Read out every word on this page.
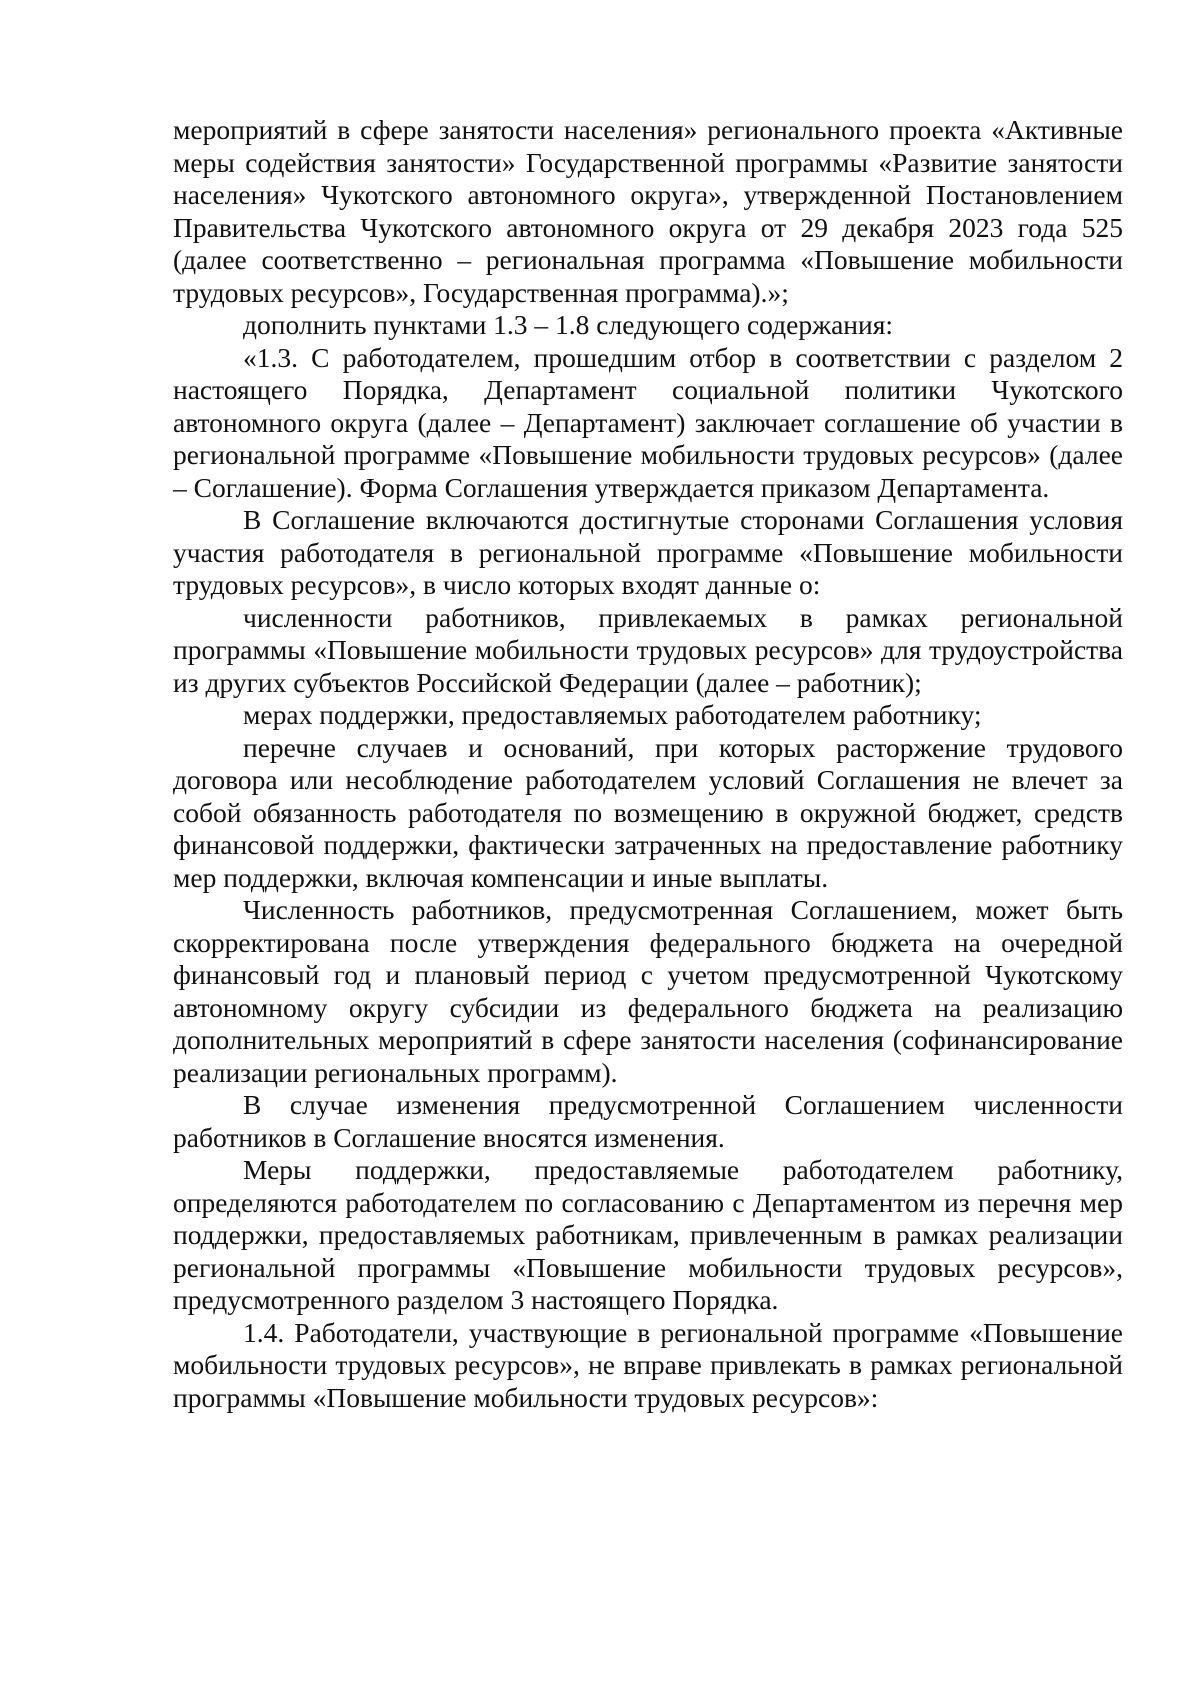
мероприятий в сфере занятости населения» регионального проекта «Активные меры содействия занятости» Государственной программы «Развитие занятости населения» Чукотского автономного округа», утвержденной Постановлением Правительства Чукотского автономного округа от 29 декабря 2023 года 525 (далее соответственно – региональная программа «Повышение мобильности трудовых ресурсов», Государственная программа).»;

дополнить пунктами 1.3 – 1.8 следующего содержания:

«1.3. С работодателем, прошедшим отбор в соответствии с разделом 2 настоящего Порядка, Департамент социальной политики Чукотского автономного округа (далее – Департамент) заключает соглашение об участии в региональной программе «Повышение мобильности трудовых ресурсов» (далее – Соглашение). Форма Соглашения утверждается приказом Департамента.

В Соглашение включаются достигнутые сторонами Соглашения условия участия работодателя в региональной программе «Повышение мобильности трудовых ресурсов», в число которых входят данные о:

численности работников, привлекаемых в рамках региональной программы «Повышение мобильности трудовых ресурсов» для трудоустройства из других субъектов Российской Федерации (далее – работник);

мерах поддержки, предоставляемых работодателем работнику;

перечне случаев и оснований, при которых расторжение трудового договора или несоблюдение работодателем условий Соглашения не влечет за собой обязанность работодателя по возмещению в окружной бюджет, средств финансовой поддержки, фактически затраченных на предоставление работнику мер поддержки, включая компенсации и иные выплаты.

Численность работников, предусмотренная Соглашением, может быть скорректирована после утверждения федерального бюджета на очередной финансовый год и плановый период с учетом предусмотренной Чукотскому автономному округу субсидии из федерального бюджета на реализацию дополнительных мероприятий в сфере занятости населения (софинансирование реализации региональных программ).

В случае изменения предусмотренной Соглашением численности работников в Соглашение вносятся изменения.

Меры поддержки, предоставляемые работодателем работнику, определяются работодателем по согласованию с Департаментом из перечня мер поддержки, предоставляемых работникам, привлеченным в рамках реализации региональной программы «Повышение мобильности трудовых ресурсов», предусмотренного разделом 3 настоящего Порядка.

1.4. Работодатели, участвующие в региональной программе «Повышение мобильности трудовых ресурсов», не вправе привлекать в рамках региональной программы «Повышение мобильности трудовых ресурсов»:
